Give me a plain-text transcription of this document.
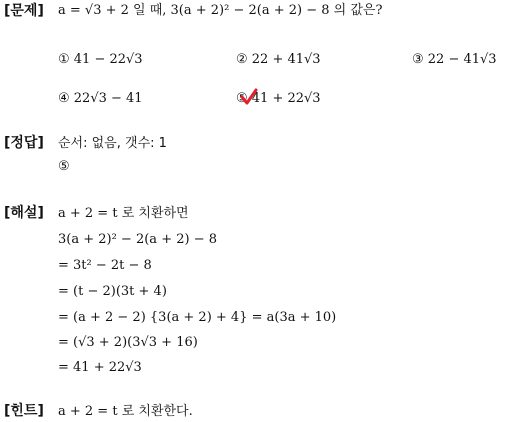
[문제] a = √3 + 2 일 때, 3(a + 2)² − 2(a + 2) − 8 의 값은?
① 41 − 22√3	② 22 + 41√3	③ 22 − 41√3
④ 22√3 − 41	⑤ 41 + 22√3
[정답] 순서: 없음, 갯수: 1
⑤
[해설] a + 2 = t 로 치환하면
3(a + 2)² − 2(a + 2) − 8
= 3t² − 2t − 8
= (t − 2)(3t + 4)
= (a + 2 − 2) {3(a + 2) + 4} = a(3a + 10)
= (√3 + 2)(3√3 + 16)
= 41 + 22√3
[힌트] a + 2 = t 로 치환한다.
